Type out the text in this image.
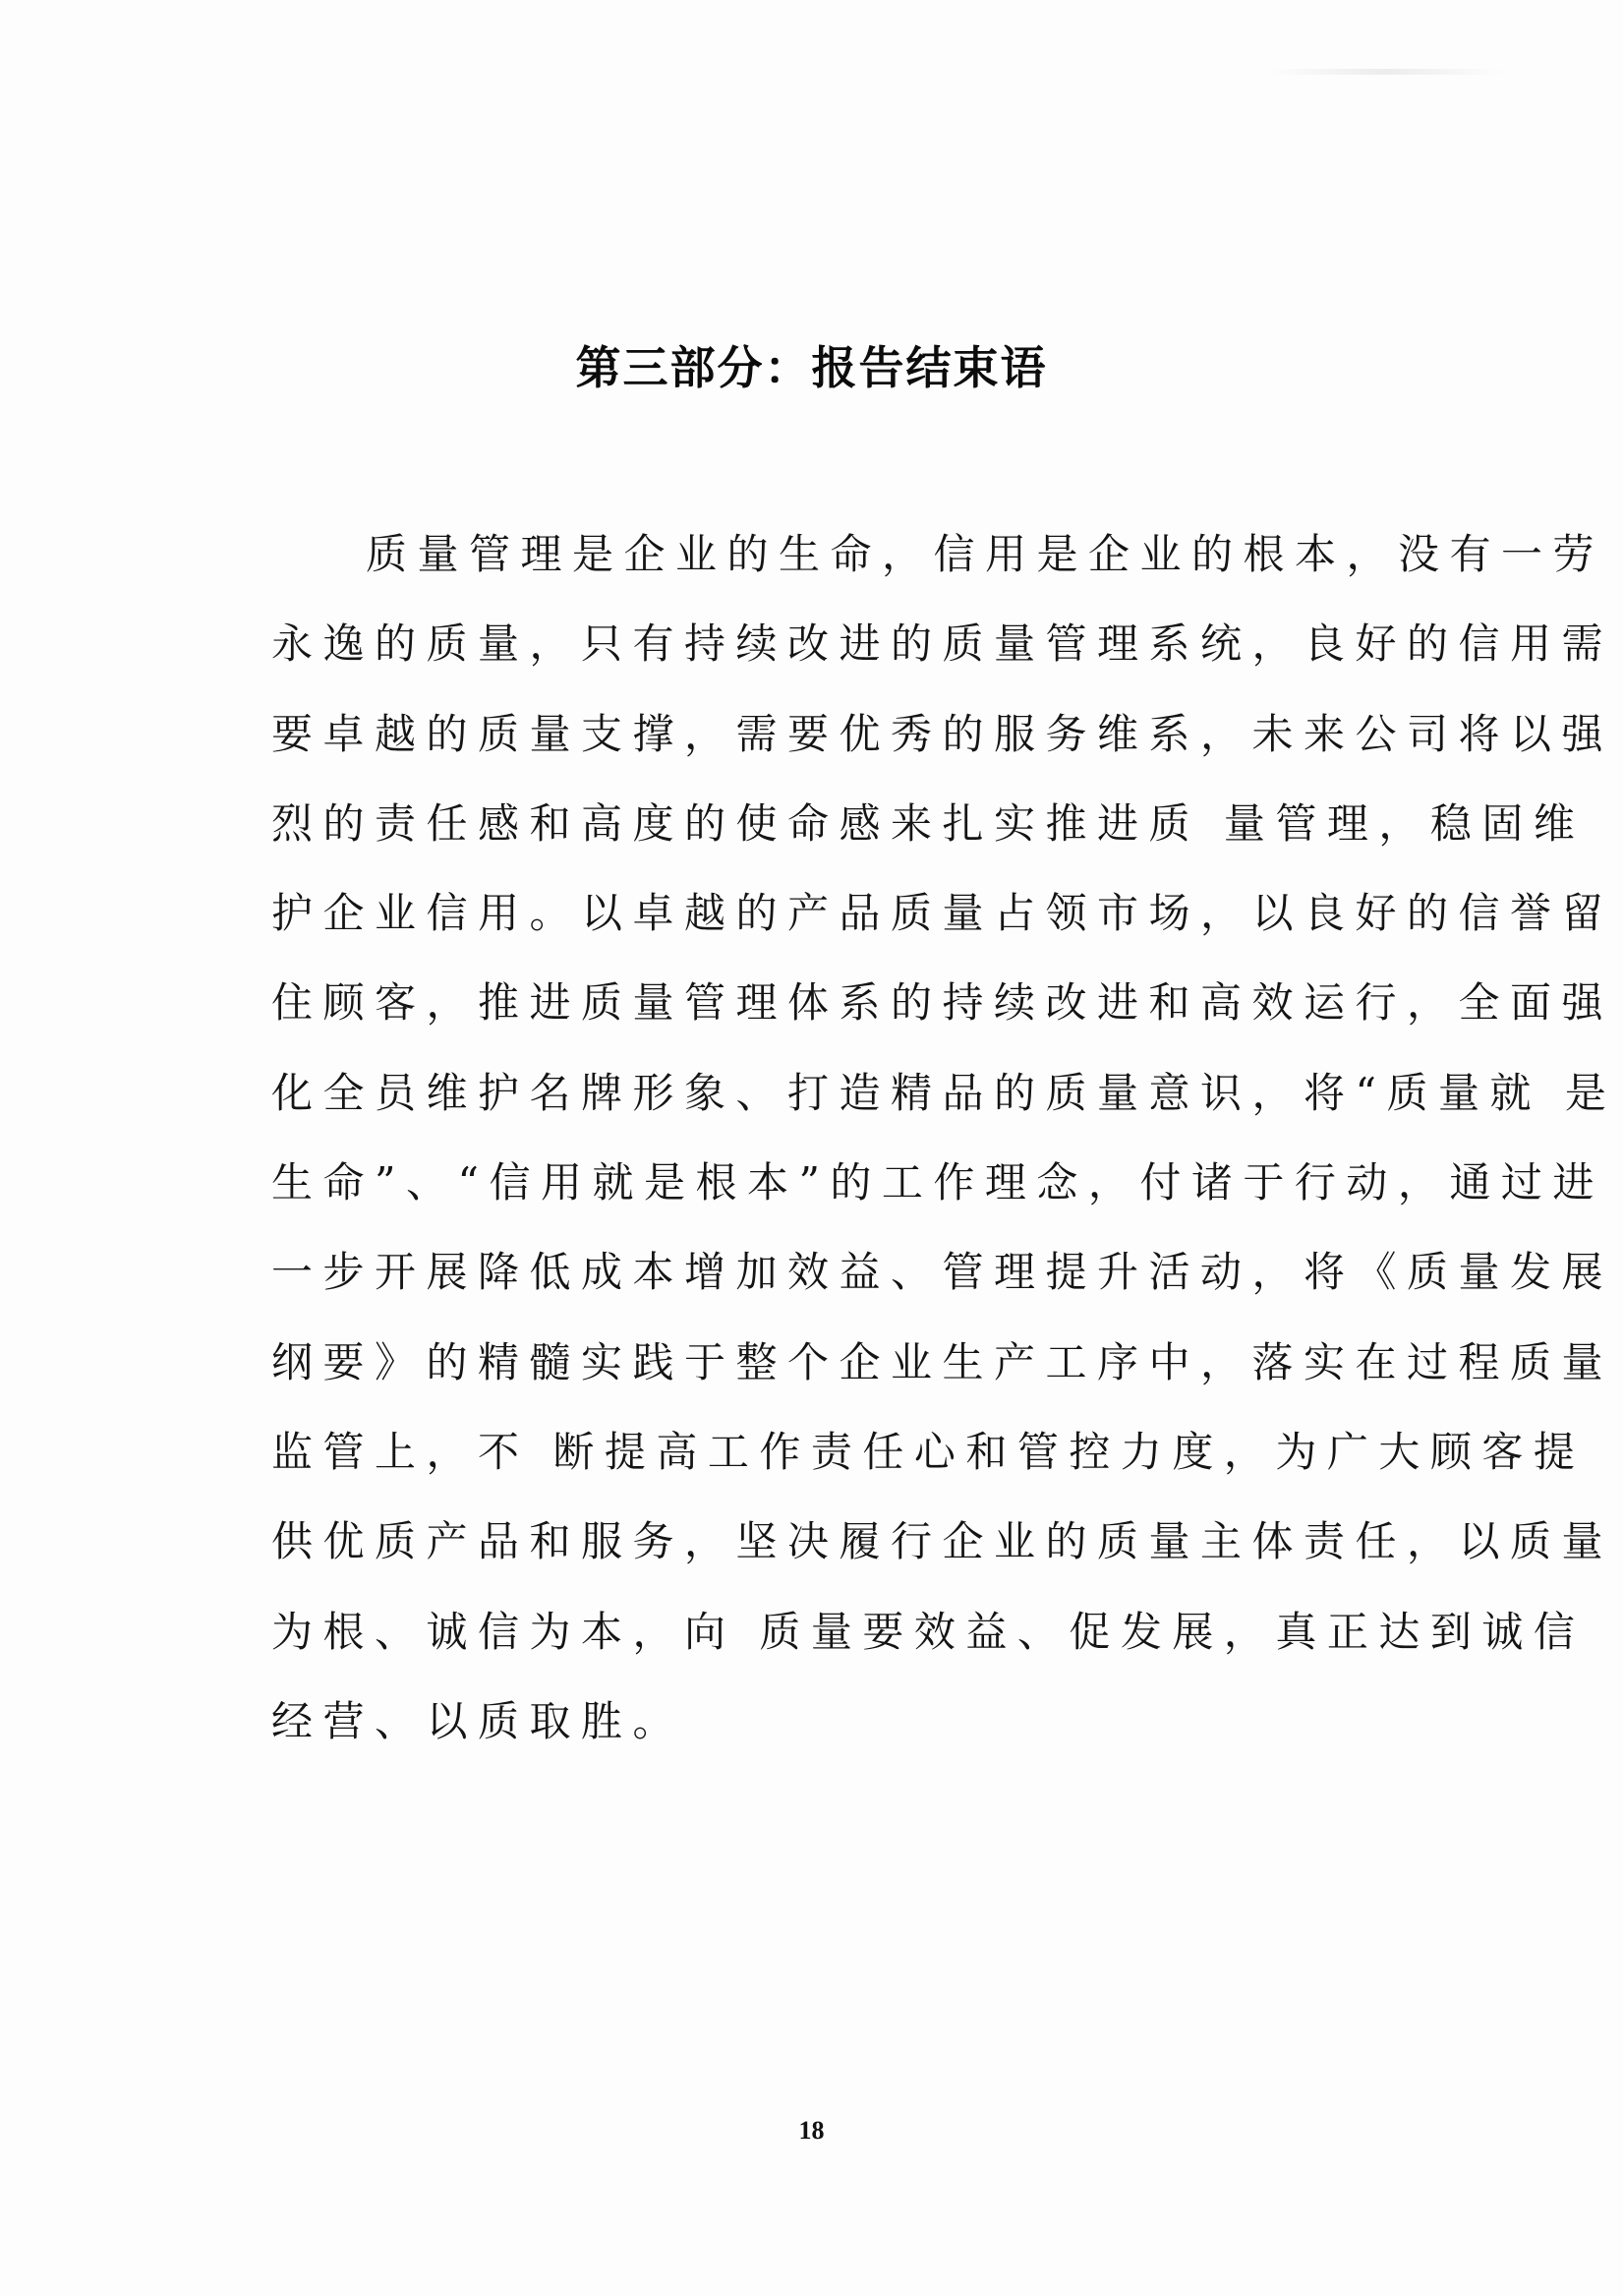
第三部分：报告结束语
质量管理是企业的生命，信用是企业的根本，没有一劳
永逸的质量，只有持续改进的质量管理系统，良好的信用需
要卓越的质量支撑，需要优秀的服务维系，未来公司将以强
烈的责任感和高度的使命感来扎实推进质 量管理，稳固维
护企业信用。以卓越的产品质量占领市场，以良好的信誉留
住顾客，推进质量管理体系的持续改进和高效运行，全面强
化全员维护名牌形象、打造精品的质量意识，将“质量就 是
生命”、“信用就是根本”的工作理念，付诸于行动，通过进
一步开展降低成本增加效益、管理提升活动，将《质量发展
纲要》的精髓实践于整个企业生产工序中，落实在过程质量
监管上，不 断提高工作责任心和管控力度，为广大顾客提
供优质产品和服务，坚决履行企业的质量主体责任，以质量
为根、诚信为本，向 质量要效益、促发展，真正达到诚信
经营、以质取胜。
18
